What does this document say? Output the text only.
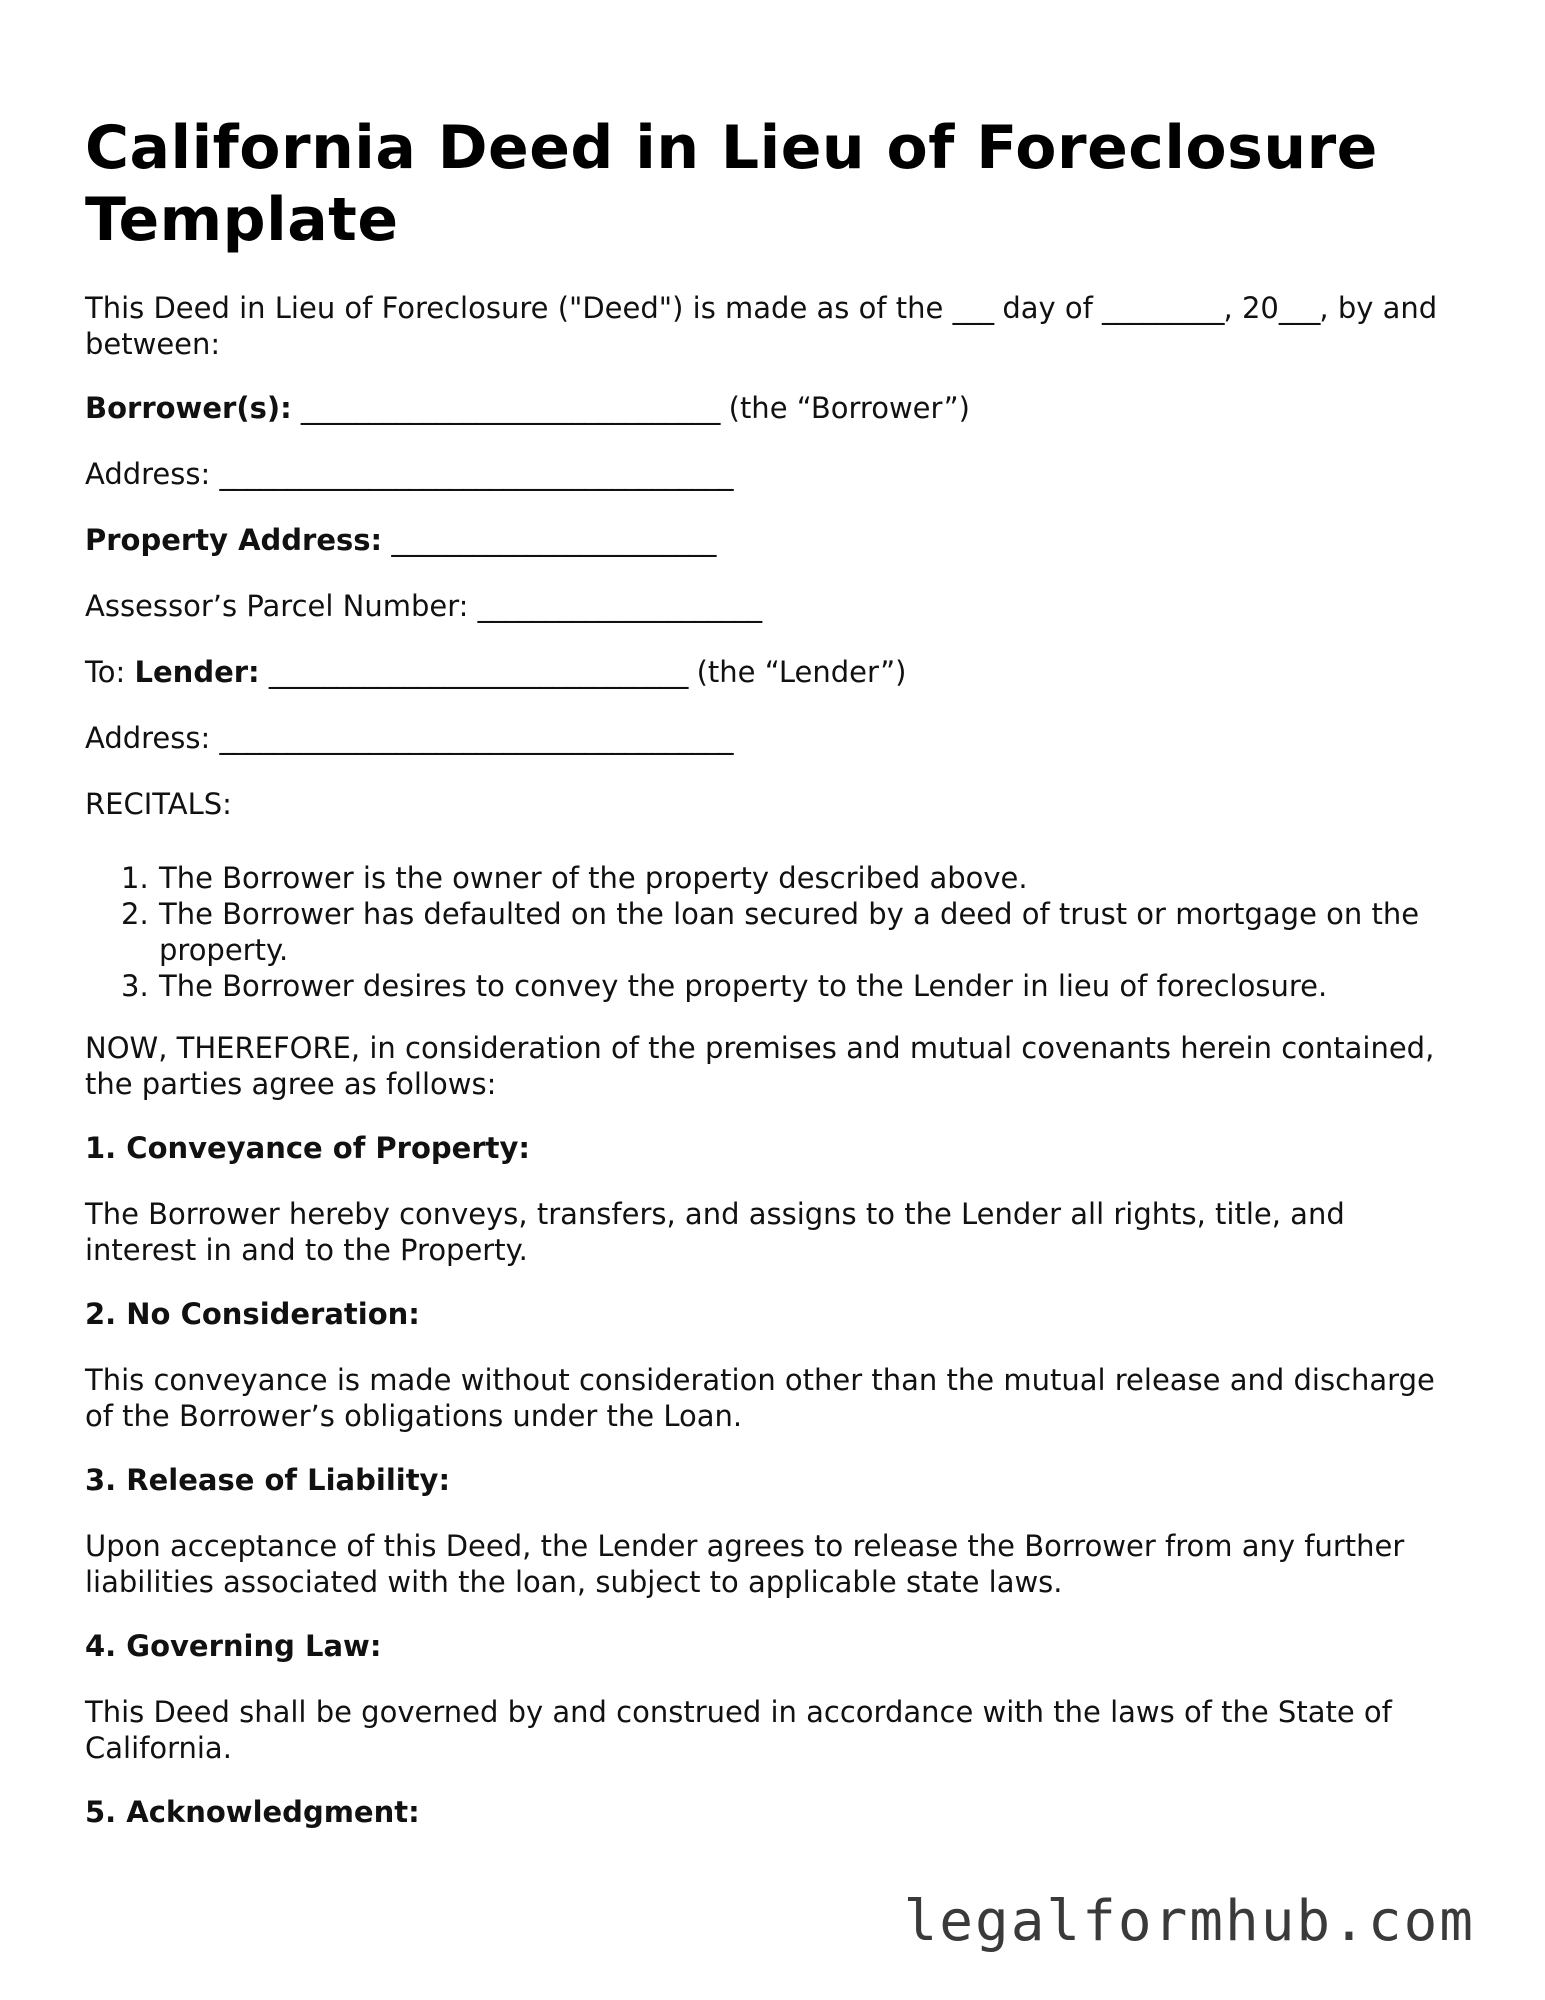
California Deed in Lieu of Foreclosure Template
This Deed in Lieu of Foreclosure ("Deed") is made as of the ___ day of _________, 20___, by and between:
Borrower(s): _______________________________ (the “Borrower”)
Address: ______________________________________
Property Address: ________________________
Assessor’s Parcel Number: _____________________
To: Lender: _______________________________ (the “Lender”)
Address: ______________________________________
RECITALS:
1. The Borrower is the owner of the property described above.
2. The Borrower has defaulted on the loan secured by a deed of trust or mortgage on the property.
3. The Borrower desires to convey the property to the Lender in lieu of foreclosure.
NOW, THEREFORE, in consideration of the premises and mutual covenants herein contained, the parties agree as follows:
1. Conveyance of Property:
The Borrower hereby conveys, transfers, and assigns to the Lender all rights, title, and interest in and to the Property.
2. No Consideration:
This conveyance is made without consideration other than the mutual release and discharge of the Borrower’s obligations under the Loan.
3. Release of Liability:
Upon acceptance of this Deed, the Lender agrees to release the Borrower from any further liabilities associated with the loan, subject to applicable state laws.
4. Governing Law:
This Deed shall be governed by and construed in accordance with the laws of the State of California.
5. Acknowledgment:
legalformhub.com
